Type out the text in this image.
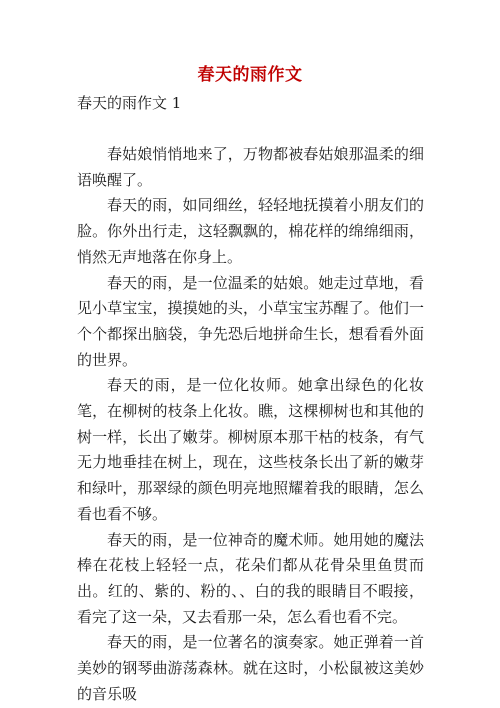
春天的雨作文
春天的雨作文 1

春姑娘悄悄地来了，万物都被春姑娘那温柔的细语唤醒了。

春天的雨，如同细丝，轻轻地抚摸着小朋友们的脸。你外出行走，这轻飘飘的，棉花样的绵绵细雨，悄然无声地落在你身上。

春天的雨，是一位温柔的姑娘。她走过草地，看见小草宝宝，摸摸她的头，小草宝宝苏醒了。他们一个个都探出脑袋，争先恐后地拼命生长，想看看外面的世界。

春天的雨，是一位化妆师。她拿出绿色的化妆笔，在柳树的枝条上化妆。瞧，这棵柳树也和其他的树一样，长出了嫩芽。柳树原本那干枯的枝条，有气无力地垂挂在树上，现在，这些枝条长出了新的嫩芽和绿叶，那翠绿的颜色明亮地照耀着我的眼睛，怎么看也看不够。

春天的雨，是一位神奇的魔术师。她用她的魔法棒在花枝上轻轻一点，花朵们都从花骨朵里鱼贯而出。红的、紫的、粉的、、白的我的眼睛目不暇接，看完了这一朵，又去看那一朵，怎么看也看不完。

春天的雨，是一位著名的演奏家。她正弹着一首美妙的钢琴曲游荡森林。就在这时，小松鼠被这美妙的音乐吸
